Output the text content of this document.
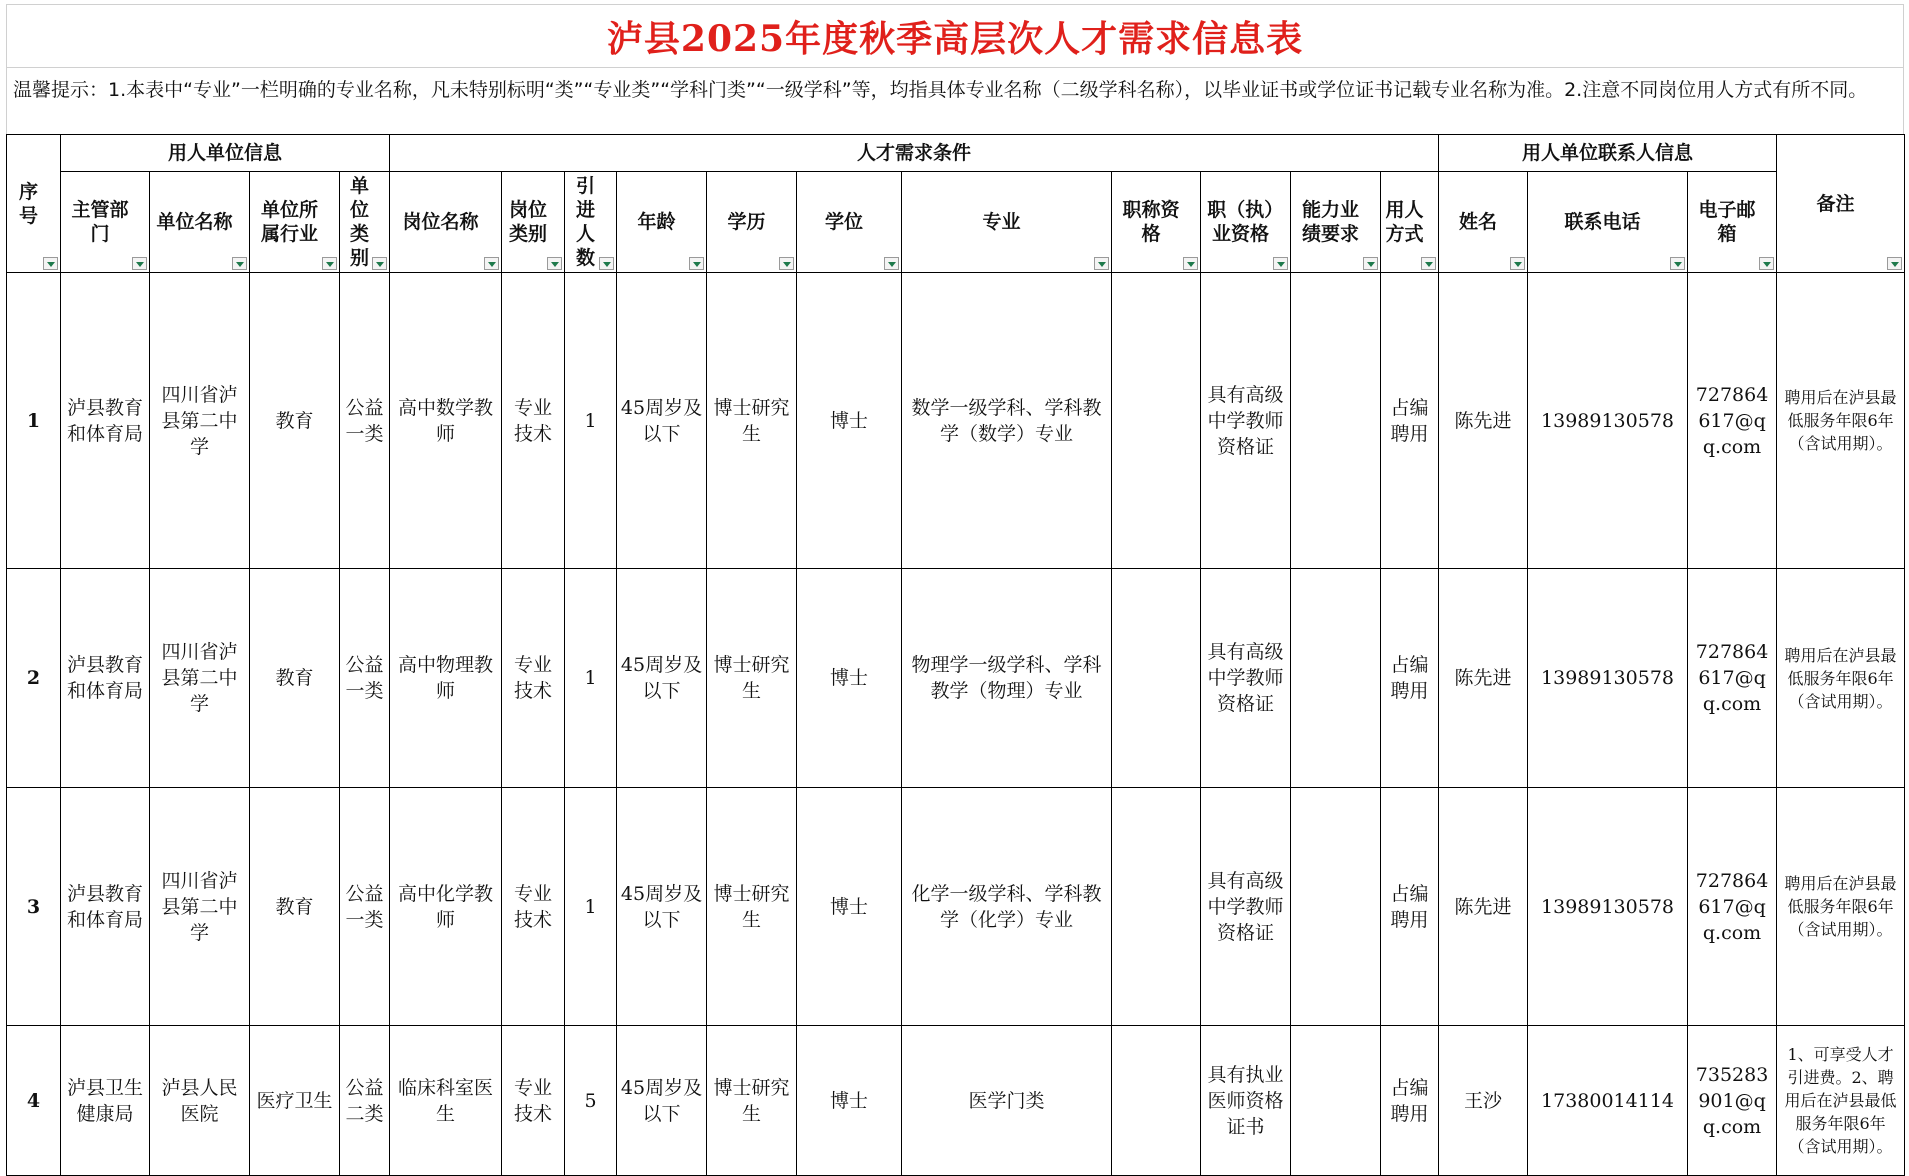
泸县2025年度秋季高层次人才需求信息表
温馨提示：1.本表中“专业”一栏明确的专业名称，凡未特别标明“类”“专业类”“学科门类”“一级学科”等，均指具体专业名称（二级学科名称），以毕业证书或学位证书记载专业名称为准。2.注意不同岗位用人方式有所不同。
序号	用人单位信息				人才需求条件											用人单位联系人信息			备注

	主管部门	单位名称	单位所属行业	单位类别	岗位名称	岗位类别	引进人数	年龄	学历	学位	专业	职称资格	职（执）业资格	能力业绩要求	用人方式	姓名	联系电话	电子邮箱	

1	泸县教育和体育局	四川省泸县第二中学	教育	公益一类	高中数学教师	专业技术	1	45周岁及以下	博士研究生	博士	数学一级学科、学科教学（数学）专业		具有高级中学教师资格证		占编聘用	陈先进	13989130578	727864617@qq.com	聘用后在泸县最低服务年限6年（含试用期）。
2	泸县教育和体育局	四川省泸县第二中学	教育	公益一类	高中物理教师	专业技术	1	45周岁及以下	博士研究生	博士	物理学一级学科、学科教学（物理）专业		具有高级中学教师资格证		占编聘用	陈先进	13989130578	727864617@qq.com	聘用后在泸县最低服务年限6年（含试用期）。
3	泸县教育和体育局	四川省泸县第二中学	教育	公益一类	高中化学教师	专业技术	1	45周岁及以下	博士研究生	博士	化学一级学科、学科教学（化学）专业		具有高级中学教师资格证		占编聘用	陈先进	13989130578	727864617@qq.com	聘用后在泸县最低服务年限6年（含试用期）。
4	泸县卫生健康局	泸县人民医院	医疗卫生	公益二类	临床科室医生	专业技术	5	45周岁及以下	博士研究生	博士	医学门类		具有执业医师资格证书		占编聘用	王沙	17380014114	735283901@qq.com	1、可享受人才引进费。2、聘用后在泸县最低服务年限6年（含试用期）。
